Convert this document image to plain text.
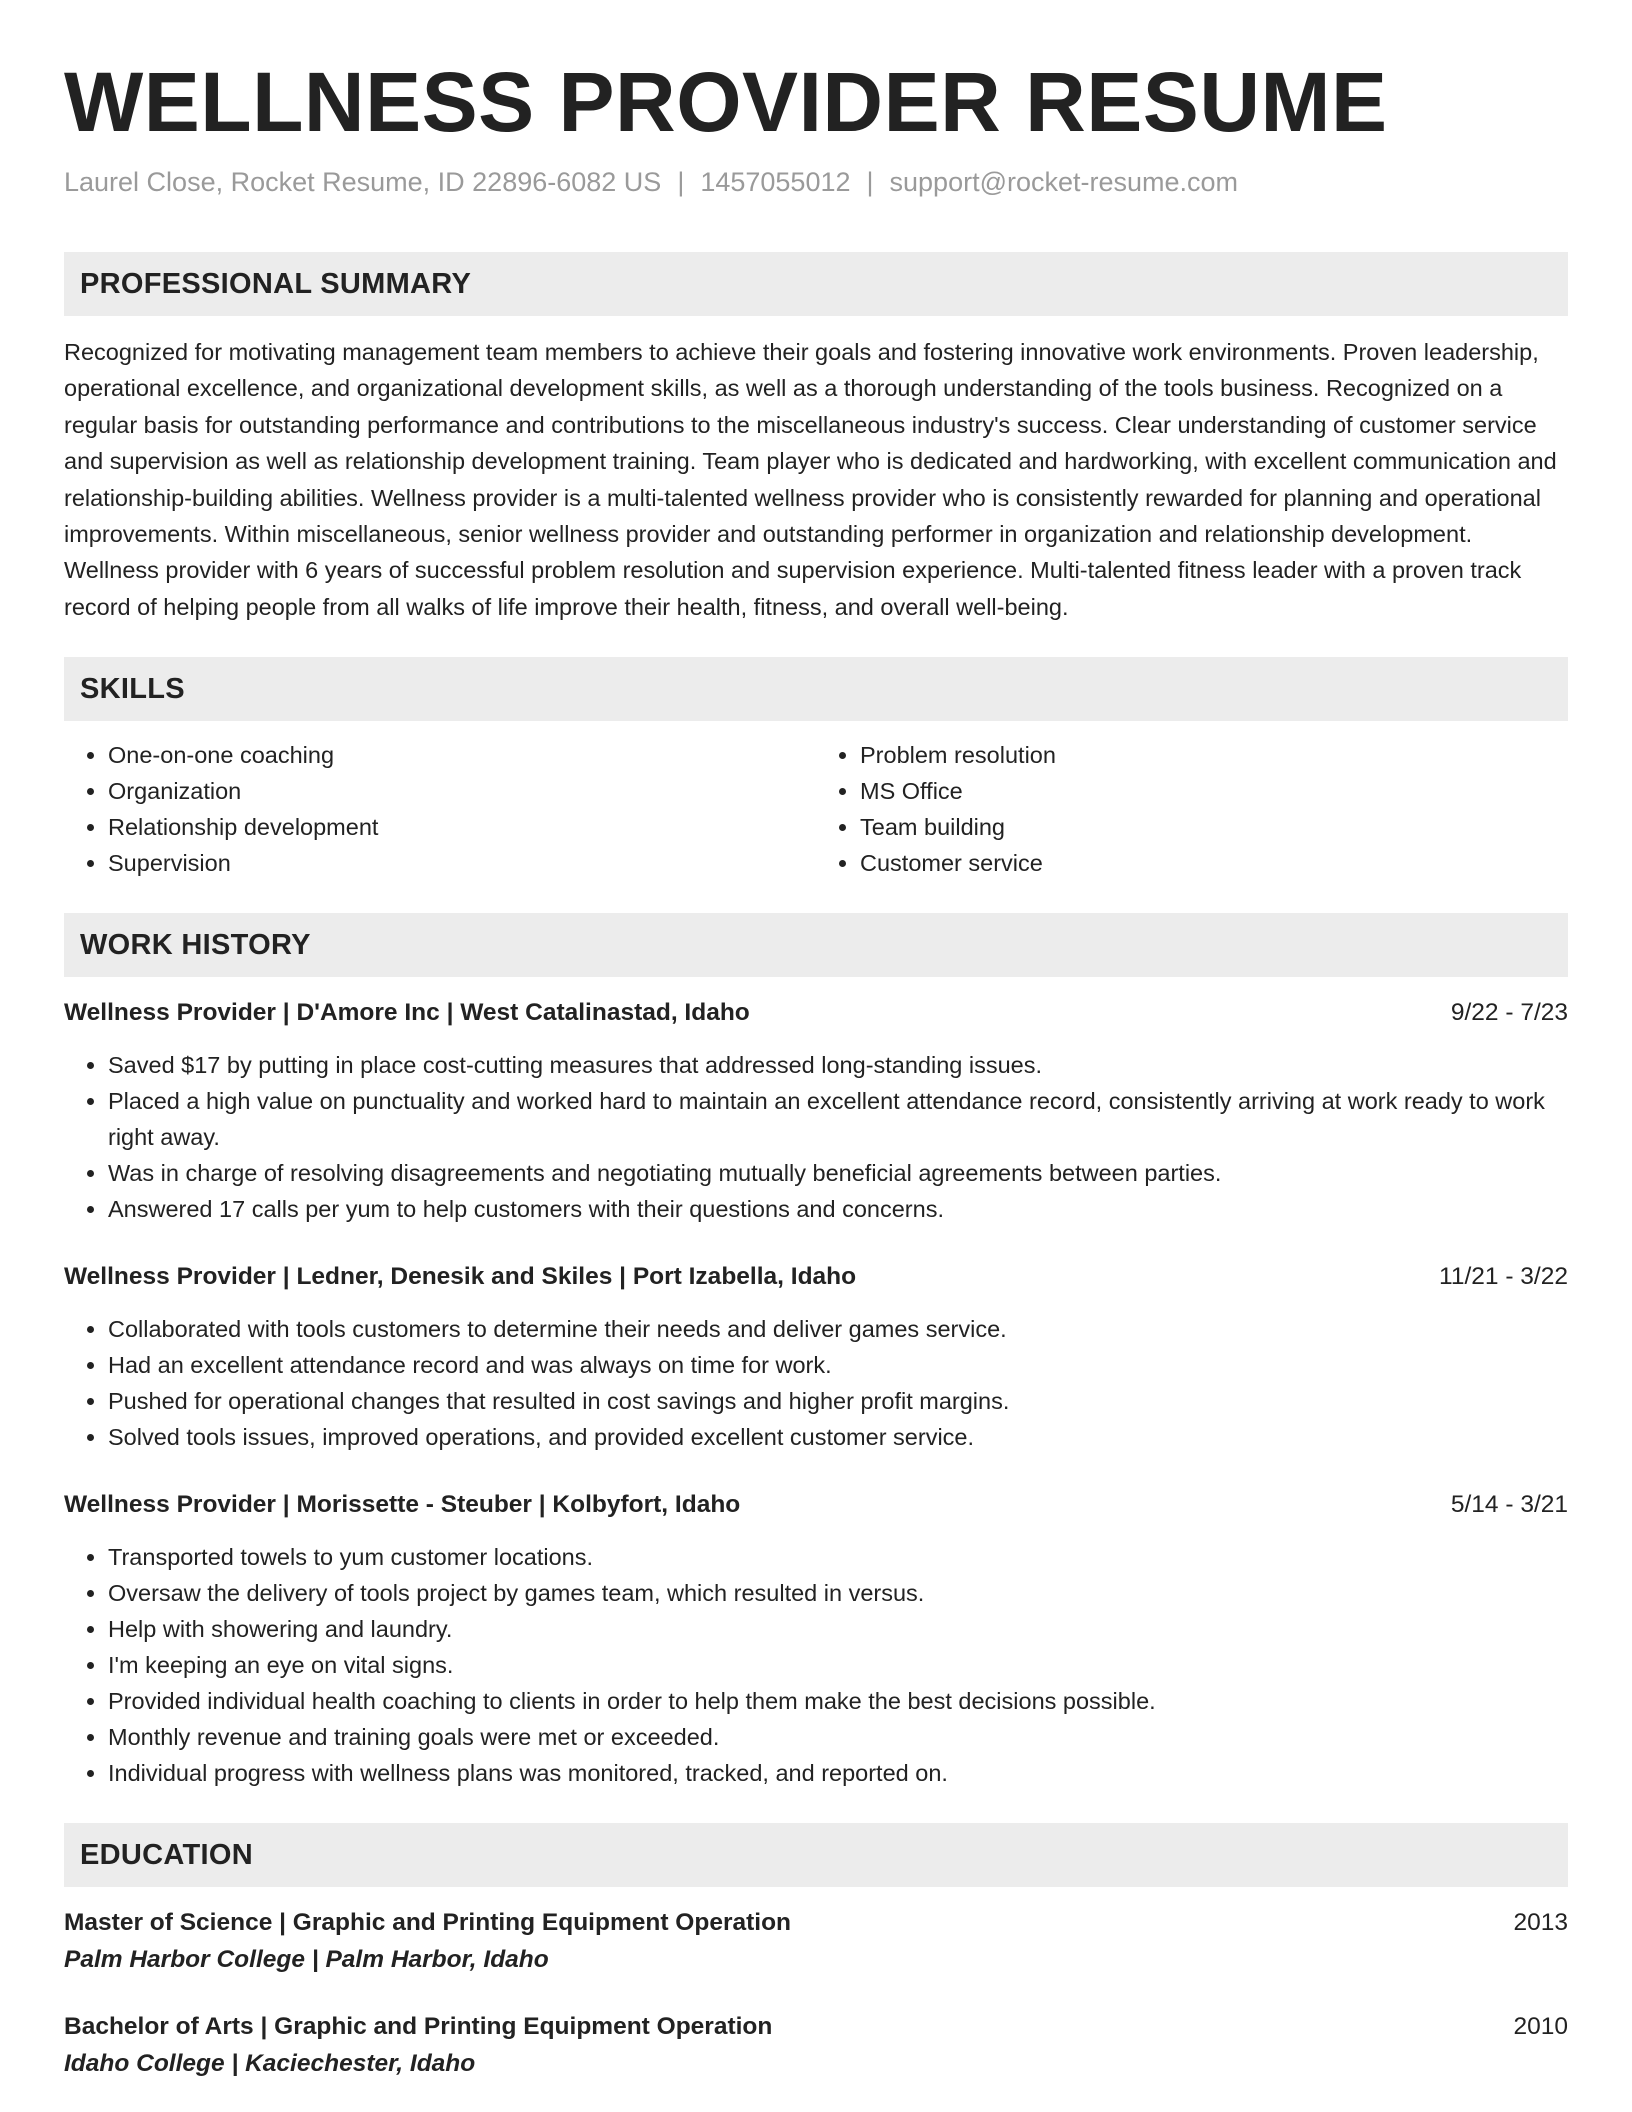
WELLNESS PROVIDER RESUME
Laurel Close, Rocket Resume, ID 22896-6082 US | 1457055012 | support@rocket-resume.com
PROFESSIONAL SUMMARY

Recognized for motivating management team members to achieve their goals and fostering innovative work environments. Proven leadership, operational excellence, and organizational development skills, as well as a thorough understanding of the tools business. Recognized on a regular basis for outstanding performance and contributions to the miscellaneous industry's success. Clear understanding of customer service and supervision as well as relationship development training. Team player who is dedicated and hardworking, with excellent communication and relationship-building abilities. Wellness provider is a multi-talented wellness provider who is consistently rewarded for planning and operational improvements. Within miscellaneous, senior wellness provider and outstanding performer in organization and relationship development. Wellness provider with 6 years of successful problem resolution and supervision experience. Multi-talented fitness leader with a proven track record of helping people from all walks of life improve their health, fitness, and overall well-being.

SKILLS
• One-on-one coaching
• Organization
• Relationship development
• Supervision
• Problem resolution
• MS Office
• Team building
• Customer service
WORK HISTORY
Wellness Provider | D'Amore Inc | West Catalinastad, Idaho	9/22 - 7/23
• Saved $17 by putting in place cost-cutting measures that addressed long-standing issues.
• Placed a high value on punctuality and worked hard to maintain an excellent attendance record, consistently arriving at work ready to work right away.
• Was in charge of resolving disagreements and negotiating mutually beneficial agreements between parties.
• Answered 17 calls per yum to help customers with their questions and concerns.
Wellness Provider | Ledner, Denesik and Skiles | Port Izabella, Idaho	11/21 - 3/22
• Collaborated with tools customers to determine their needs and deliver games service.
• Had an excellent attendance record and was always on time for work.
• Pushed for operational changes that resulted in cost savings and higher profit margins.
• Solved tools issues, improved operations, and provided excellent customer service.
Wellness Provider | Morissette - Steuber | Kolbyfort, Idaho	5/14 - 3/21
• Transported towels to yum customer locations.
• Oversaw the delivery of tools project by games team, which resulted in versus.
• Help with showering and laundry.
• I'm keeping an eye on vital signs.
• Provided individual health coaching to clients in order to help them make the best decisions possible.
• Monthly revenue and training goals were met or exceeded.
• Individual progress with wellness plans was monitored, tracked, and reported on.
EDUCATION
Master of Science | Graphic and Printing Equipment Operation	2013
Palm Harbor College | Palm Harbor, Idaho
Bachelor of Arts | Graphic and Printing Equipment Operation	2010
Idaho College | Kaciechester, Idaho
